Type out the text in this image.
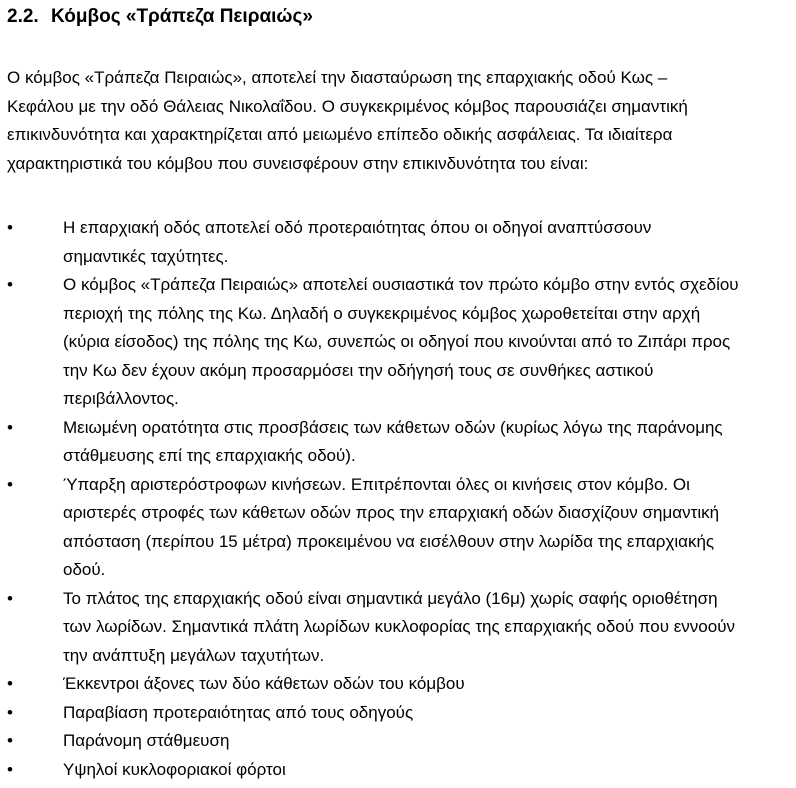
2.2. Κόμβος «Τράπεζα Πειραιώς»

Ο κόμβος «Τράπεζα Πειραιώς», αποτελεί την διασταύρωση της επαρχιακής οδού Κως –
Κεφάλου με την οδό Θάλειας Νικολαΐδου. Ο συγκεκριμένος κόμβος παρουσιάζει σημαντική
επικινδυνότητα και χαρακτηρίζεται από μειωμένο επίπεδο οδικής ασφάλειας. Τα ιδιαίτερα
χαρακτηριστικά του κόμβου που συνεισφέρουν στην επικινδυνότητα του είναι:

•	Η επαρχιακή οδός αποτελεί οδό προτεραιότητας όπου οι οδηγοί αναπτύσσουν
σημαντικές ταχύτητες.
•	Ο κόμβος «Τράπεζα Πειραιώς» αποτελεί ουσιαστικά τον πρώτο κόμβο στην εντός σχεδίου
περιοχή της πόλης της Κω. Δηλαδή ο συγκεκριμένος κόμβος χωροθετείται στην αρχή
(κύρια είσοδος) της πόλης της Κω, συνεπώς οι οδηγοί που κινούνται από το Ζιπάρι προς
την Κω δεν έχουν ακόμη προσαρμόσει την οδήγησή τους σε συνθήκες αστικού
περιβάλλοντος.
•	Μειωμένη ορατότητα στις προσβάσεις των κάθετων οδών (κυρίως λόγω της παράνομης
στάθμευσης επί της επαρχιακής οδού).
•	Ύπαρξη αριστερόστροφων κινήσεων. Επιτρέπονται όλες οι κινήσεις στον κόμβο. Οι
αριστερές στροφές των κάθετων οδών προς την επαρχιακή οδών διασχίζουν σημαντική
απόσταση (περίπου 15 μέτρα) προκειμένου να εισέλθουν στην λωρίδα της επαρχιακής
οδού.
•	Το πλάτος της επαρχιακής οδού είναι σημαντικά μεγάλο (16μ) χωρίς σαφής οριοθέτηση
των λωρίδων. Σημαντικά πλάτη λωρίδων κυκλοφορίας της επαρχιακής οδού που εννοούν
την ανάπτυξη μεγάλων ταχυτήτων.
•	Έκκεντροι άξονες των δύο κάθετων οδών του κόμβου
•	Παραβίαση προτεραιότητας από τους οδηγούς
•	Παράνομη στάθμευση
•	Υψηλοί κυκλοφοριακοί φόρτοι
